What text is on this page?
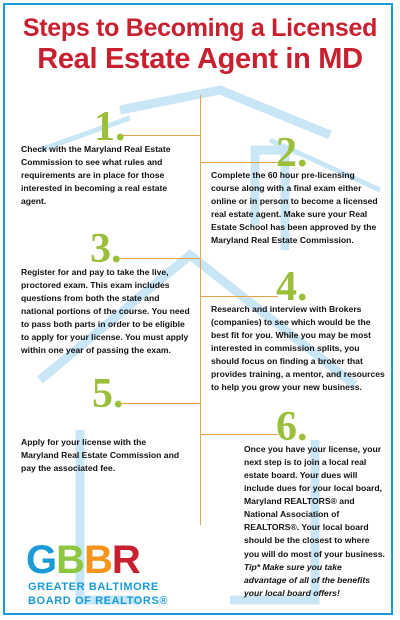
Steps to Becoming a Licensed
Real Estate Agent in MD
1.
Check with the Maryland Real Estate Commission to see what rules and requirements are in place for those interested in becoming a real estate agent.
2.
Complete the 60 hour pre-licensing course along with a final exam either online or in person to become a licensed real estate agent. Make sure your Real Estate School has been approved by the Maryland Real Estate Commission.
3.
Register for and pay to take the live, proctored exam. This exam includes questions from both the state and national portions of the course. You need to pass both parts in order to be eligible to apply for your license. You must apply within one year of passing the exam.
4.
Research and interview with Brokers (companies) to see which would be the best fit for you. While you may be most interested in commission splits, you should focus on finding a broker that provides training, a mentor, and resources to help you grow your new business.
5.
Apply for your license with the Maryland Real Estate Commission and pay the associated fee.
6.
Once you have your license, your next step is to join a local real estate board. Your dues will include dues for your local board, Maryland REALTORS® and National Association of REALTORS®. Your local board should be the closest to where you will do most of your business. Tip* Make sure you take advantage of all of the benefits your local board offers!
GBBR
GREATER BALTIMORE
BOARD OF REALTORS®
